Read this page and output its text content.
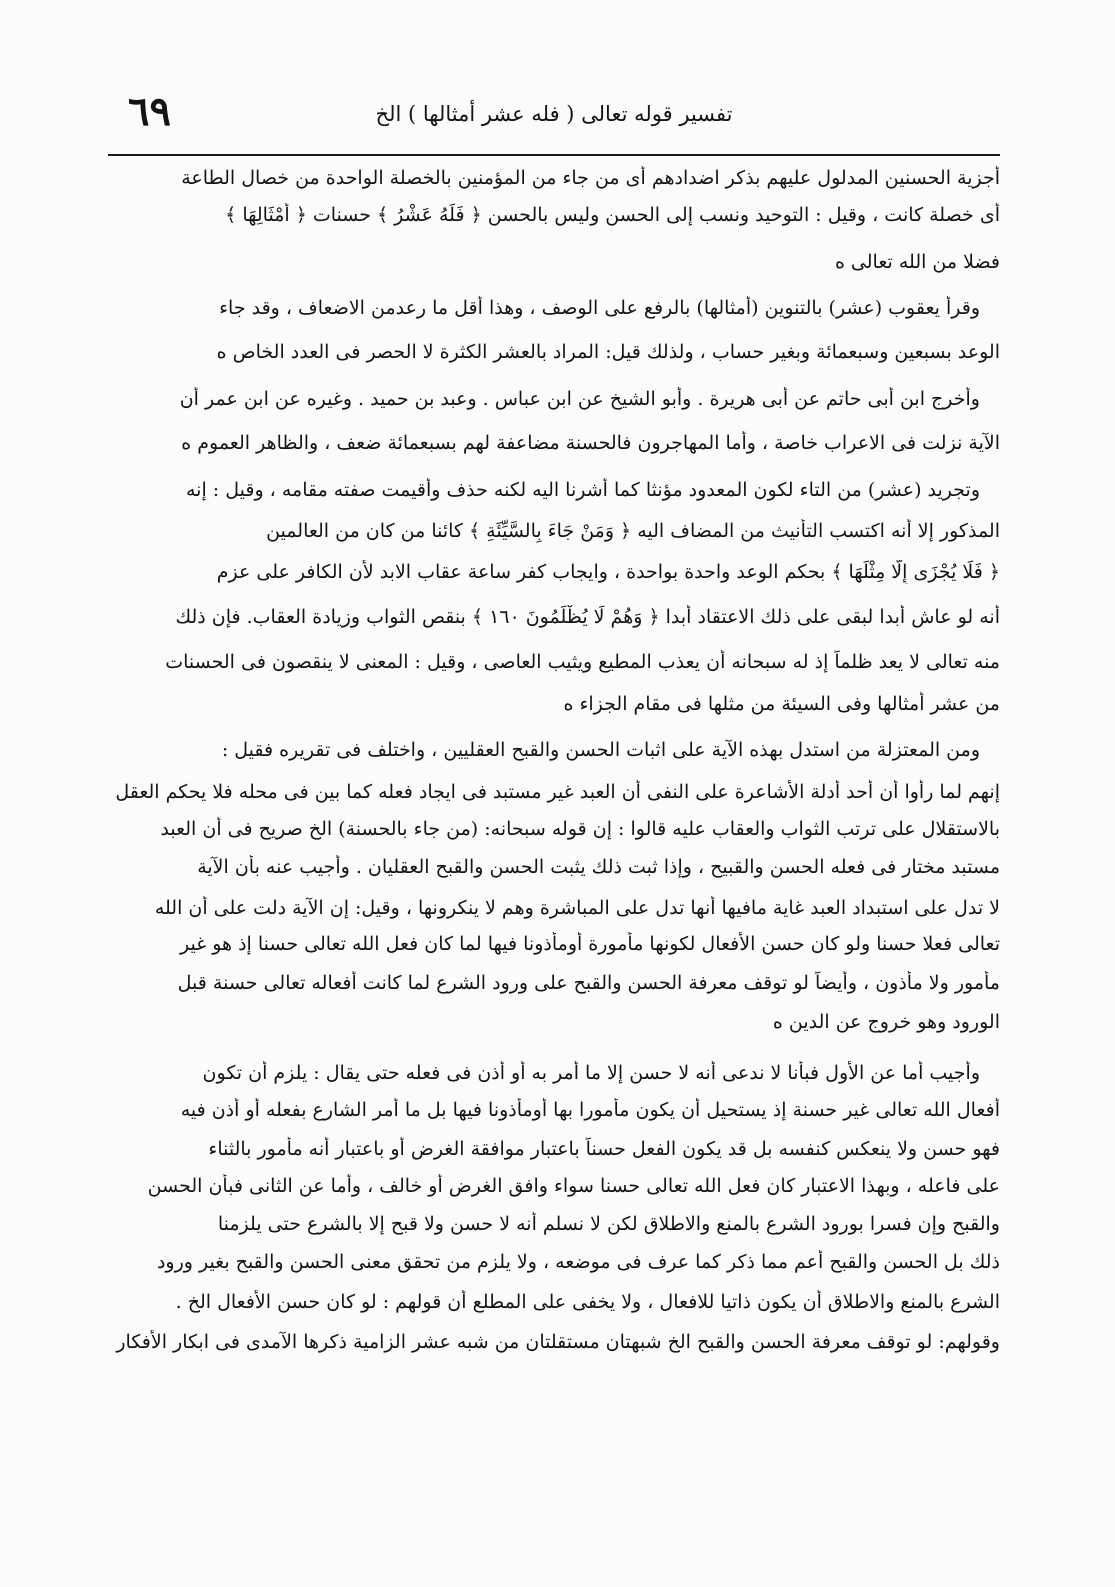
٦٩	تفسير قوله تعالى ( فله عشر أمثالها ) الخ
أجزية الحسنين المدلول عليهم بذكر اضدادهم أى من جاء من المؤمنين بالخصلة الواحدة من خصال الطاعة
أى خصلة كانت ، وقيل : التوحيد ونسب إلى الحسن وليس بالحسن ﴿ فَلَهُ عَشْرُ ﴾ حسنات ﴿ أَمْثَالِهَا ﴾
فضلا من الله تعالى ه
وقرأ يعقوب (عشر) بالتنوين (أمثالها) بالرفع على الوصف ، وهذا أقل ما رعدمن الاضعاف ، وقد جاء
الوعد بسبعين وسبعمائة وبغير حساب ، ولذلك قيل: المراد بالعشر الكثرة لا الحصر فى العدد الخاص ه
وأخرج ابن أبى حاتم عن أبى هريرة . وأبو الشيخ عن ابن عباس . وعبد بن حميد . وغيره عن ابن عمر أن
الآية نزلت فى الاعراب خاصة ، وأما المهاجرون فالحسنة مضاعفة لهم بسبعمائة ضعف ، والظاهر العموم ه
وتجريد (عشر) من التاء لكون المعدود مؤنثا كما أشرنا اليه لكنه حذف وأقيمت صفته مقامه ، وقيل : إنه
المذكور إلا أنه اكتسب التأنيث من المضاف اليه ﴿ وَمَنْ جَاءَ بِالسَّيِّئَةِ ﴾ كائنا من كان من العالمين
﴿ فَلَا يُجْزَى إِلَّا مِثْلَهَا ﴾ بحكم الوعد واحدة بواحدة ، وايجاب كفر ساعة عقاب الابد لأن الكافر على عزم
أنه لو عاش أبدا لبقى على ذلك الاعتقاد أبدا ﴿ وَهُمْ لَا يُظْلَمُونَ ١٦٠ ﴾ بنقص الثواب وزيادة العقاب. فإن ذلك
منه تعالى لا يعد ظلماً إذ له سبحانه أن يعذب المطيع ويثيب العاصى ، وقيل : المعنى لا ينقصون فى الحسنات
من عشر أمثالها وفى السيئة من مثلها فى مقام الجزاء ه
ومن المعتزلة من استدل بهذه الآية على اثبات الحسن والقبح العقليين ، واختلف فى تقريره فقيل :
إنهم لما رأوا أن أحد أدلة الأشاعرة على النفى أن العبد غير مستبد فى ايجاد فعله كما بين فى محله فلا يحكم العقل
بالاستقلال على ترتب الثواب والعقاب عليه قالوا : إن قوله سبحانه: (من جاء بالحسنة) الخ صريح فى أن العبد
مستبد مختار فى فعله الحسن والقبيح ، وإذا ثبت ذلك يثبت الحسن والقبح العقليان . وأجيب عنه بأن الآية
لا تدل على استبداد العبد غاية مافيها أنها تدل على المباشرة وهم لا ينكرونها ، وقيل: إن الآية دلت على أن الله
تعالى فعلا حسنا ولو كان حسن الأفعال لكونها مأمورة أومأذونا فيها لما كان فعل الله تعالى حسنا إذ هو غير
مأمور ولا مأذون ، وأيضاً لو توقف معرفة الحسن والقبح على ورود الشرع لما كانت أفعاله تعالى حسنة قبل
الورود وهو خروج عن الدين ه
وأجيب أما عن الأول فبأنا لا ندعى أنه لا حسن إلا ما أمر به أو أذن فى فعله حتى يقال : يلزم أن تكون
أفعال الله تعالى غير حسنة إذ يستحيل أن يكون مأمورا بها أومأذونا فيها بل ما أمر الشارع بفعله أو أذن فيه
فهو حسن ولا ينعكس كنفسه بل قد يكون الفعل حسناً باعتبار موافقة الغرض أو باعتبار أنه مأمور بالثناء
على فاعله ، وبهذا الاعتبار كان فعل الله تعالى حسنا سواء وافق الغرض أو خالف ، وأما عن الثانى فبأن الحسن
والقبح وإن فسرا بورود الشرع بالمنع والاطلاق لكن لا نسلم أنه لا حسن ولا قبح إلا بالشرع حتى يلزمنا
ذلك بل الحسن والقبح أعم مما ذكر كما عرف فى موضعه ، ولا يلزم من تحقق معنى الحسن والقبح بغير ورود
الشرع بالمنع والاطلاق أن يكون ذاتيا للافعال ، ولا يخفى على المطلع أن قولهم : لو كان حسن الأفعال الخ .
وقولهم: لو توقف معرفة الحسن والقبح الخ شبهتان مستقلتان من شبه عشر الزامية ذكرها الآمدى فى ابكار الأفكار
